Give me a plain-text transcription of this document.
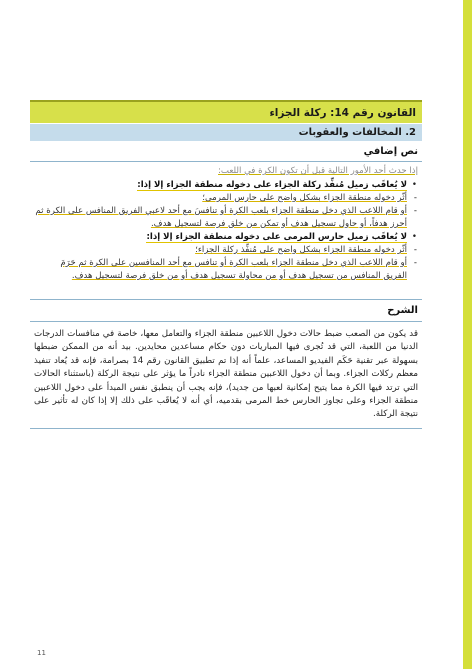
القانون رقم 14: ركلة الجزاء
2. المخالفات والعقوبات
نص إضافي
إذا حدث أحد الأمور التالية قبل أن تكون الكرة في اللعب:
•
لا يُعاقَب زميل مُنفِّذ ركلة الجزاء على دخوله منطقة الجزاء إلا إذا:
-
أثّر دخوله منطقة الجزاء بشكل واضح على حارس المرمى؛
-
أو قام اللاعب الذي دخل منطقة الجزاء بلعب الكرة أو تنافسَ مع أحد لاعبي الفريق المنافس على الكرة ثم أحرز هدفاً، أو حاول تسجيل هدف أو تمكن من خلق فرصة لتسجيل هدف.
•
لا يُعاقَب زميل حارس المرمى على دخوله منطقة الجزاء إلا إذا:
-
أثّر دخوله منطقة الجزاء بشكل واضح على مُنفِّذ ركلة الجزاء؛
-
أو قام اللاعب الذي دخل منطقة الجزاء بلعب الكرة أو تنافس مع أحد المنافسين على الكرة ثم حَرَمَ الفريق المنافس من تسجيل هدف أو من محاولة تسجيل هدف أو من خلق فرصة لتسجيل هدف.
الشرح
قد يكون من الصعب ضبط حالات دخول اللاعبين منطقة الجزاء والتعامل معها، خاصة في منافسات الدرجات الدنيا من اللعبة، التي قد تُجرى فيها المباريات دون حكام مساعدين محايدين. بيد أنه من الممكن ضبطها بسهولة عبر تقنية حَكَم الفيديو المساعد، علماً أنه إذا تم تطبيق القانون رقم 14 بصرامة، فإنه قد يُعاد تنفيذ معظم ركلات الجزاء. وبما أن دخول اللاعبين منطقة الجزاء نادراً ما يؤثر على نتيجة الركلة (باستثناء الحالات التي ترتد فيها الكرة مما يتيح إمكانية لعبها من جديد)، فإنه يجب أن ينطبق نفس المبدأ على دخول اللاعبين منطقة الجزاء وعلى تجاوز الحارس خط المرمى بقدميه، أي أنه لا يُعاقَب على ذلك إلا إذا كان له تأثير على نتيجة الركلة.
11
